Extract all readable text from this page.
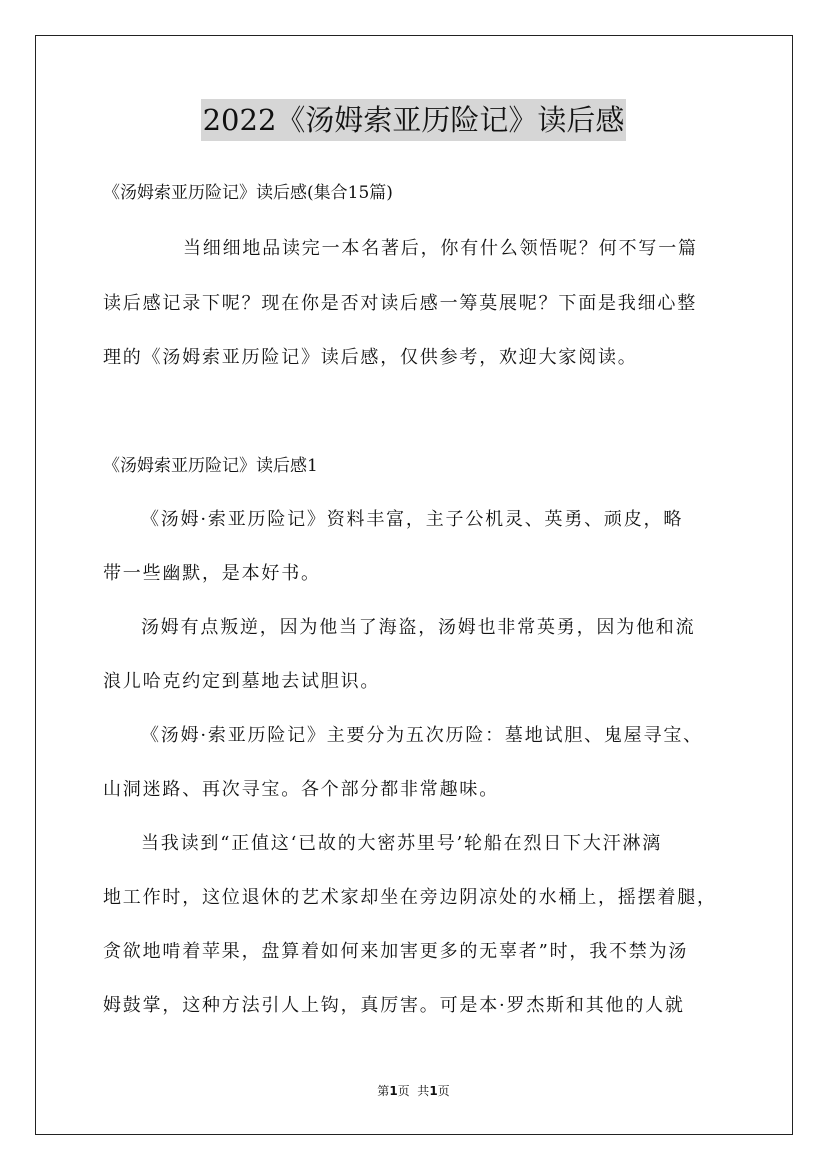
2022《汤姆索亚历险记》读后感
《汤姆索亚历险记》读后感(集合15篇)
当细细地品读完一本名著后，你有什么领悟呢？何不写一篇
读后感记录下呢？现在你是否对读后感一筹莫展呢？下面是我细心整
理的《汤姆索亚历险记》读后感，仅供参考，欢迎大家阅读。
《汤姆索亚历险记》读后感1
《汤姆·索亚历险记》资料丰富，主子公机灵、英勇、顽皮，略
带一些幽默，是本好书。
汤姆有点叛逆，因为他当了海盗，汤姆也非常英勇，因为他和流
浪儿哈克约定到墓地去试胆识。
《汤姆·索亚历险记》主要分为五次历险：墓地试胆、鬼屋寻宝、
山洞迷路、再次寻宝。各个部分都非常趣味。
当我读到“正值这‘已故的大密苏里号’轮船在烈日下大汗淋漓
地工作时，这位退休的艺术家却坐在旁边阴凉处的水桶上，摇摆着腿，
贪欲地啃着苹果，盘算着如何来加害更多的无辜者”时，我不禁为汤
姆鼓掌，这种方法引人上钩，真厉害。可是本·罗杰斯和其他的人就
第1页  共1页
